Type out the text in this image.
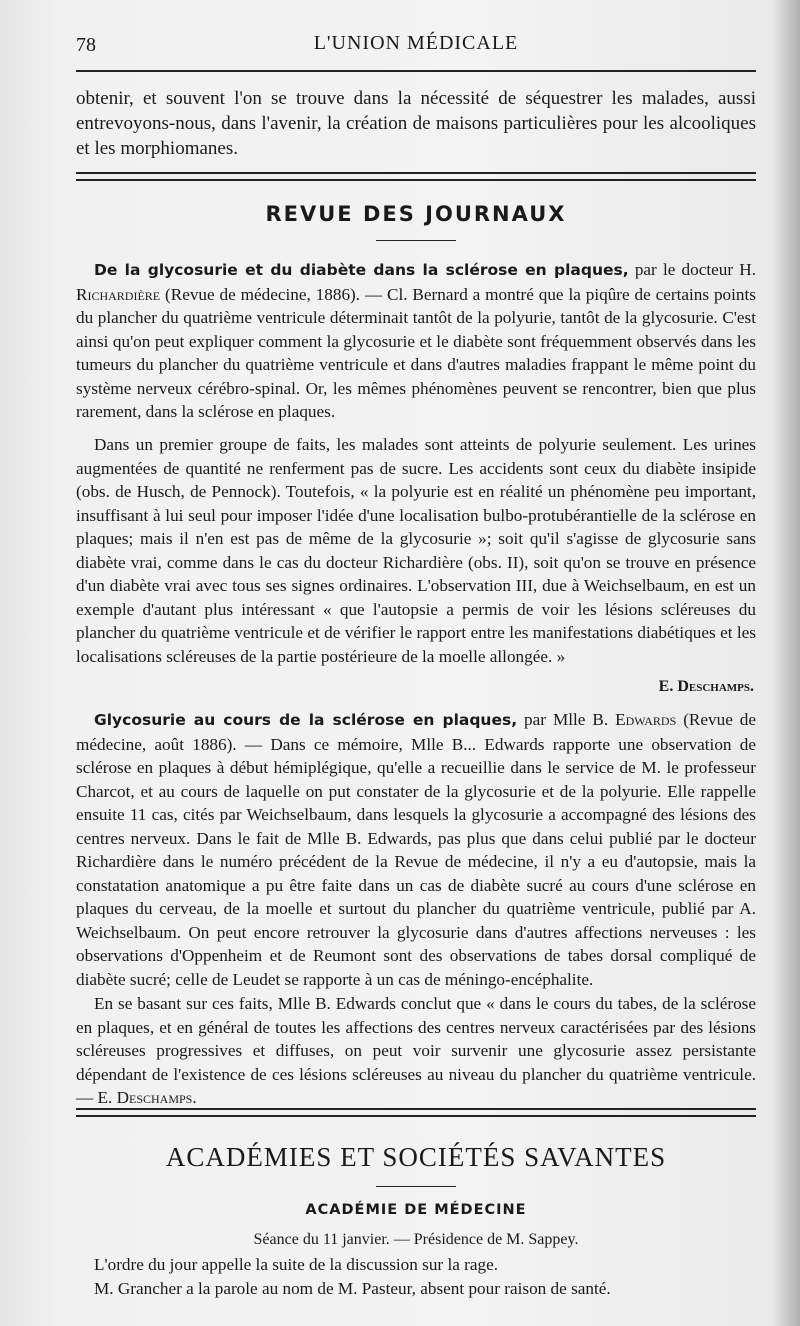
78	L'UNION MÉDICALE

obtenir, et souvent l'on se trouve dans la nécessité de séquestrer les malades, aussi entrevoyons-nous, dans l'avenir, la création de maisons particulières pour les alcooliques et les morphiomanes.

REVUE DES JOURNAUX

De la glycosurie et du diabète dans la sclérose en plaques, par le docteur H. Richardière (Revue de médecine, 1886). — Cl. Bernard a montré que la piqûre de certains points du plancher du quatrième ventricule déterminait tantôt de la polyurie, tantôt de la glycosurie. C'est ainsi qu'on peut expliquer comment la glycosurie et le diabète sont fréquemment observés dans les tumeurs du plancher du quatrième ventricule et dans d'autres maladies frappant le même point du système nerveux cérébro-spinal. Or, les mêmes phénomènes peuvent se rencontrer, bien que plus rarement, dans la sclérose en plaques.

Dans un premier groupe de faits, les malades sont atteints de polyurie seulement. Les urines augmentées de quantité ne renferment pas de sucre. Les accidents sont ceux du diabète insipide (obs. de Husch, de Pennock). Toutefois, « la polyurie est en réalité un phénomène peu important, insuffisant à lui seul pour imposer l'idée d'une localisation bulbo-protubérantielle de la sclérose en plaques; mais il n'en est pas de même de la glycosurie »; soit qu'il s'agisse de glycosurie sans diabète vrai, comme dans le cas du docteur Richardière (obs. II), soit qu'on se trouve en présence d'un diabète vrai avec tous ses signes ordinaires. L'observation III, due à Weichselbaum, en est un exemple d'autant plus intéressant « que l'autopsie a permis de voir les lésions scléreuses du plancher du quatrième ventricule et de vérifier le rapport entre les manifestations diabétiques et les localisations scléreuses de la partie postérieure de la moelle allongée. »

E. Deschamps.

Glycosurie au cours de la sclérose en plaques, par Mlle B. Edwards (Revue de médecine, août 1886). — Dans ce mémoire, Mlle B... Edwards rapporte une observation de sclérose en plaques à début hémiplégique, qu'elle a recueillie dans le service de M. le professeur Charcot, et au cours de laquelle on put constater de la glycosurie et de la polyurie. Elle rappelle ensuite 11 cas, cités par Weichselbaum, dans lesquels la glycosurie a accompagné des lésions des centres nerveux. Dans le fait de Mlle B. Edwards, pas plus que dans celui publié par le docteur Richardière dans le numéro précédent de la Revue de médecine, il n'y a eu d'autopsie, mais la constatation anatomique a pu être faite dans un cas de diabète sucré au cours d'une sclérose en plaques du cerveau, de la moelle et surtout du plancher du quatrième ventricule, publié par A. Weichselbaum. On peut encore retrouver la glycosurie dans d'autres affections nerveuses : les observations d'Oppenheim et de Reumont sont des observations de tabes dorsal compliqué de diabète sucré; celle de Leudet se rapporte à un cas de méningo-encéphalite.

En se basant sur ces faits, Mlle B. Edwards conclut que « dans le cours du tabes, de la sclérose en plaques, et en général de toutes les affections des centres nerveux caractérisées par des lésions scléreuses progressives et diffuses, on peut voir survenir une glycosurie assez persistante dépendant de l'existence de ces lésions scléreuses au niveau du plancher du quatrième ventricule. — E. Deschamps.

ACADÉMIES ET SOCIÉTÉS SAVANTES
ACADÉMIE DE MÉDECINE

Séance du 11 janvier. — Présidence de M. Sappey.

L'ordre du jour appelle la suite de la discussion sur la rage.

M. Grancher a la parole au nom de M. Pasteur, absent pour raison de santé.
